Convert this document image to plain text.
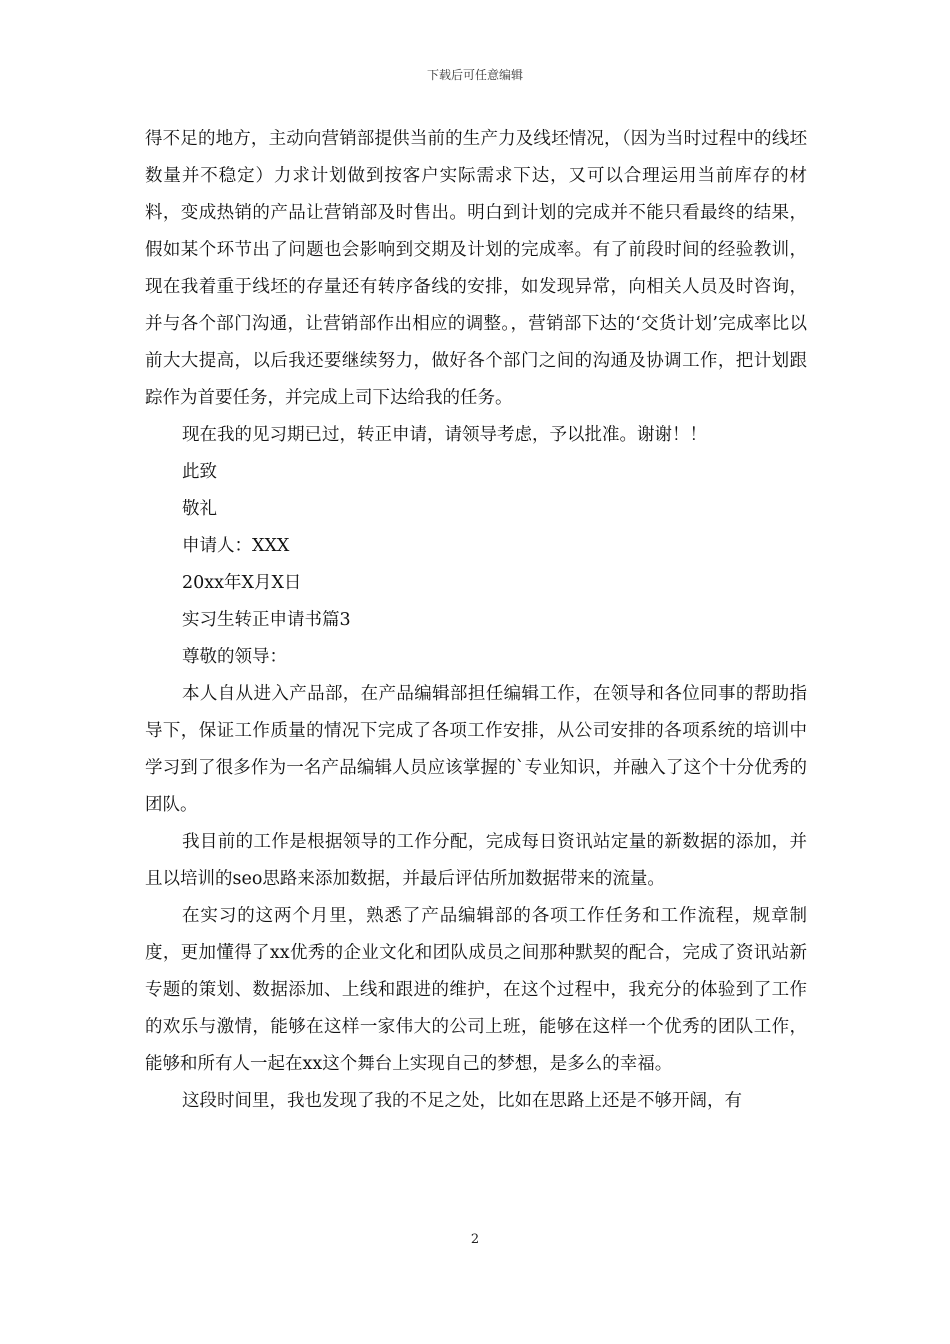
下载后可任意编辑

得不足的地方，主动向营销部提供当前的生产力及线坯情况，（因为当时过程中的线坯数量并不稳定）力求计划做到按客户实际需求下达，又可以合理运用当前库存的材料，变成热销的产品让营销部及时售出。明白到计划的完成并不能只看最终的结果，假如某个环节出了问题也会影响到交期及计划的完成率。有了前段时间的经验教训，现在我着重于线坯的存量还有转序备线的安排，如发现异常，向相关人员及时咨询，并与各个部门沟通，让营销部作出相应的调整。，营销部下达的‘交货计划’完成率比以前大大提高，以后我还要继续努力，做好各个部门之间的沟通及协调工作，把计划跟踪作为首要任务，并完成上司下达给我的任务。

现在我的见习期已过，转正申请，请领导考虑，予以批准。谢谢！！

此致

敬礼

申请人：XXX

20xx年X月X日

实习生转正申请书篇3

尊敬的领导：

本人自从进入产品部，在产品编辑部担任编辑工作，在领导和各位同事的帮助指导下，保证工作质量的情况下完成了各项工作安排，从公司安排的各项系统的培训中学习到了很多作为一名产品编辑人员应该掌握的`专业知识，并融入了这个十分优秀的团队。

我目前的工作是根据领导的工作分配，完成每日资讯站定量的新数据的添加，并且以培训的seo思路来添加数据，并最后评估所加数据带来的流量。

在实习的这两个月里，熟悉了产品编辑部的各项工作任务和工作流程，规章制度，更加懂得了xx优秀的企业文化和团队成员之间那种默契的配合，完成了资讯站新专题的策划、数据添加、上线和跟进的维护，在这个过程中，我充分的体验到了工作的欢乐与激情，能够在这样一家伟大的公司上班，能够在这样一个优秀的团队工作，能够和所有人一起在xx这个舞台上实现自己的梦想，是多么的幸福。

这段时间里，我也发现了我的不足之处，比如在思路上还是不够开阔，有

2
